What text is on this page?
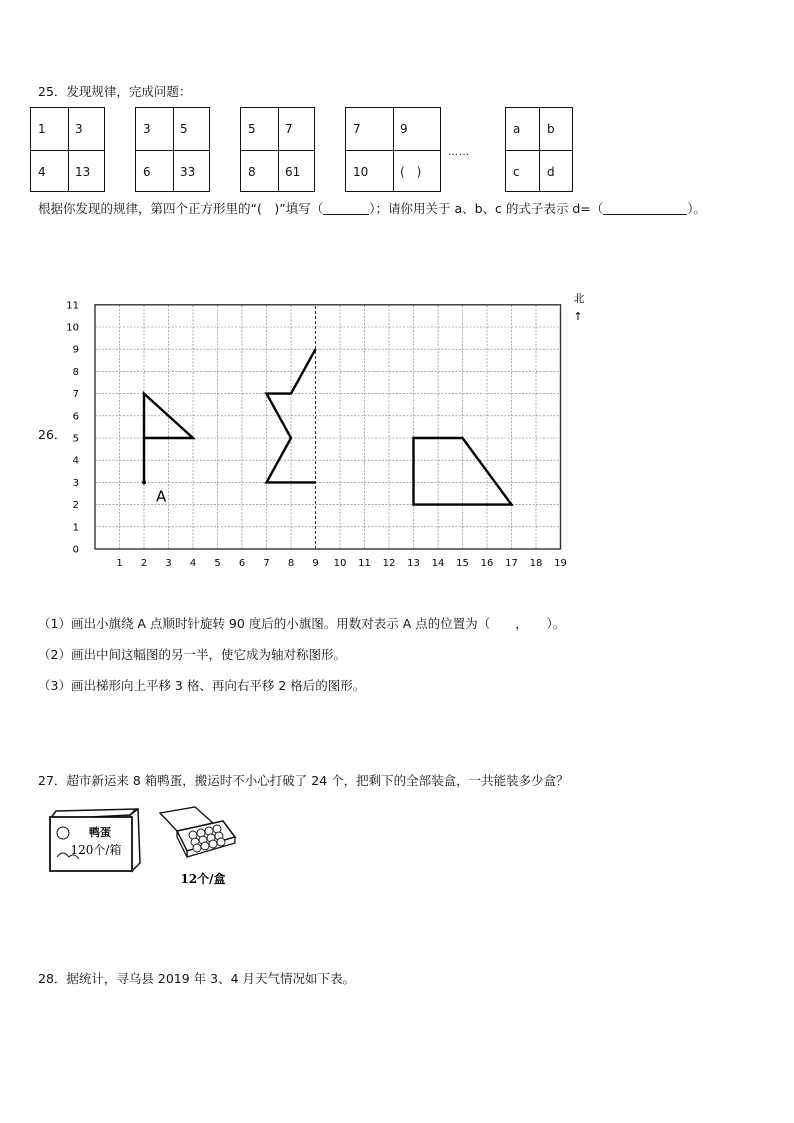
25．发现规律，完成问题：
1 3
4 13
3 5
6 33
5 7
8 61
7	9
10	(　)
……
a b
c d
根据你发现的规律，第四个正方形里的“(　)”填写（	）；请你用关于 a、b、c 的式子表示 d=（	）。
26．
1 2 3 4 5 6 7 8 9 10 11 12 13 14 15 16 17 18 19
0
1
2
3
4
5
6
7
8
9
10
11
北
↑
A
（1）画出小旗绕 A 点顺时针旋转 90 度后的小旗图。用数对表示 A 点的位置为（　　，　　）。
（2）画出中间这幅图的另一半，使它成为轴对称图形。
（3）画出梯形向上平移 3 格、再向右平移 2 格后的图形。
27．超市新运来 8 箱鸭蛋，搬运时不小心打破了 24 个，把剩下的全部装盒，一共能装多少盒？
鸭蛋
120个/箱
12个/盒
28．据统计，寻乌县 2019 年 3、4 月天气情况如下表。
